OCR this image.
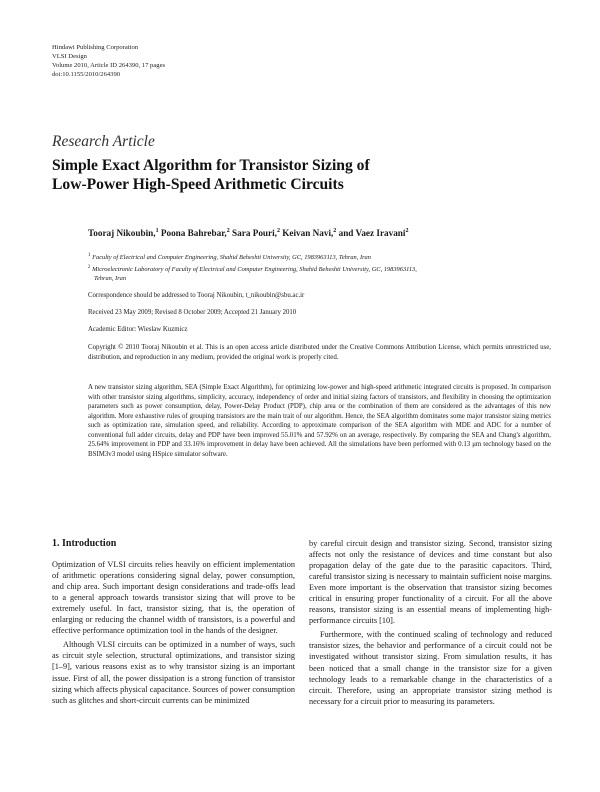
Hindawi Publishing Corporation
VLSI Design
Volume 2010, Article ID 264390, 17 pages
doi:10.1155/2010/264390
Research Article
Simple Exact Algorithm for Transistor Sizing of
Low-Power High-Speed Arithmetic Circuits
Tooraj Nikoubin,$^1$ Poona Bahrebar,$^2$ Sara Pouri,$^2$ Keivan Navi,$^2$ and Vaez Iravani$^2$
$^1$ Faculty of Electrical and Computer Engineering, Shahid Beheshti University, GC, 1983963113, Tehran, Iran
$^2$ Microelectronic Laboratory of Faculty of Electrical and Computer Engineering, Shahid Beheshti University, GC, 1983963113,
Tehran, Iran
Correspondence should be addressed to Tooraj Nikoubin, t_nikoubin@sbu.ac.ir
Received 23 May 2009; Revised 8 October 2009; Accepted 21 January 2010
Academic Editor: Wieslaw Kuzmicz
Copyright © 2010 Tooraj Nikoubin et al. This is an open access article distributed under the Creative Commons Attribution License, which permits unrestricted use, distribution, and reproduction in any medium, provided the original work is properly cited.
A new transistor sizing algorithm, SEA (Simple Exact Algorithm), for optimizing low-power and high-speed arithmetic integrated circuits is proposed. In comparison with other transistor sizing algorithms, simplicity, accuracy, independency of order and initial sizing factors of transistors, and flexibility in choosing the optimization parameters such as power consumption, delay, Power-Delay Product (PDP), chip area or the combination of them are considered as the advantages of this new algorithm. More exhaustive rules of grouping transistors are the main trait of our algorithm. Hence, the SEA algorithm dominates some major transistor sizing metrics such as optimization rate, simulation speed, and reliability. According to approximate comparison of the SEA algorithm with MDE and ADC for a number of conventional full adder circuits, delay and PDP have been improved 55.01% and 57.92% on an average, respectively. By comparing the SEA and Chang's algorithm, 25.64% improvement in PDP and 33.16% improvement in delay have been achieved. All the simulations have been performed with 0.13 μm technology based on the BSIM3v3 model using HSpice simulator software.
1. Introduction

Optimization of VLSI circuits relies heavily on efficient implementation of arithmetic operations considering signal delay, power consumption, and chip area. Such important design considerations and trade-offs lead to a general approach towards transistor sizing that will prove to be extremely useful. In fact, transistor sizing, that is, the operation of enlarging or reducing the channel width of transistors, is a powerful and effective performance optimization tool in the hands of the designer.

Although VLSI circuits can be optimized in a number of ways, such as circuit style selection, structural optimizations, and transistor sizing [1–9], various reasons exist as to why transistor sizing is an important issue. First of all, the power dissipation is a strong function of transistor sizing which affects physical capacitance. Sources of power consumption such as glitches and short-circuit currents can be minimized

by careful circuit design and transistor sizing. Second, transistor sizing affects not only the resistance of devices and time constant but also propagation delay of the gate due to the parasitic capacitors. Third, careful transistor sizing is necessary to maintain sufficient noise margins. Even more important is the observation that transistor sizing becomes critical in ensuring proper functionality of a circuit. For all the above reasons, transistor sizing is an essential means of implementing high-performance circuits [10].

Furthermore, with the continued scaling of technology and reduced transistor sizes, the behavior and performance of a circuit could not be investigated without transistor sizing. From simulation results, it has been noticed that a small change in the transistor size for a given technology leads to a remarkable change in the characteristics of a circuit. Therefore, using an appropriate transistor sizing method is necessary for a circuit prior to measuring its parameters.
